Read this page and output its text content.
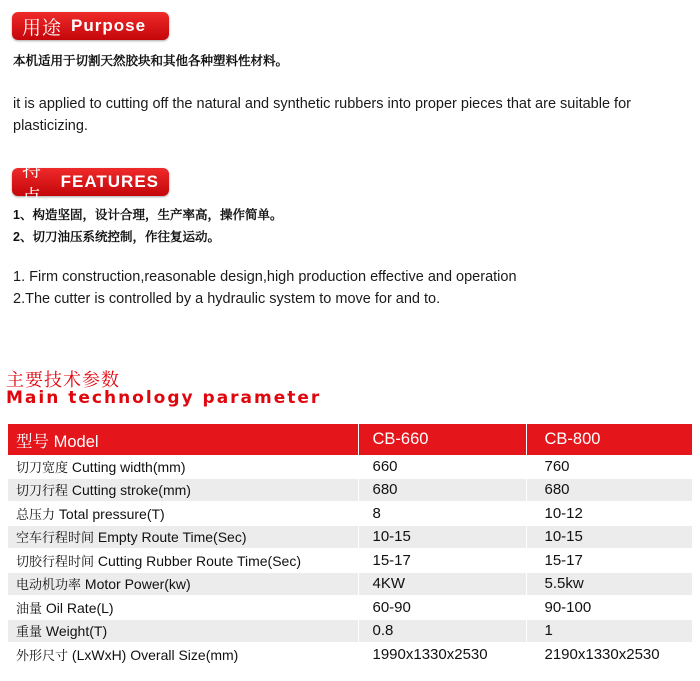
用途 Purpose

本机适用于切割天然胶块和其他各种塑料性材料。

it is applied to cutting off the natural and synthetic rubbers into proper pieces that are suitable for plasticizing.

特点
FEATURES
1、构造坚固，设计合理，生产率高，操作简单。
2、切刀油压系统控制，作往复运动。
1. Firm construction,reasonable design,high production effective and operation
2.The cutter is controlled by a hydraulic system to move for and to.

主要技术参数

Main technology parameter

型号 Model	CB-660	CB-800
切刀宽度 Cutting width(mm)	660	760
切刀行程 Cutting stroke(mm)	680	680
总压力 Total pressure(T)	8	10-12
空车行程时间 Empty Route Time(Sec)	10-15	10-15
切胶行程时间 Cutting Rubber Route Time(Sec)	15-17	15-17
电动机功率 Motor Power(kw)	4KW	5.5kw
油量 Oil Rate(L)	60-90	90-100
重量 Weight(T)	0.8	1
外形尺寸 (LxWxH) Overall Size(mm)	1990x1330x2530	2190x1330x2530
